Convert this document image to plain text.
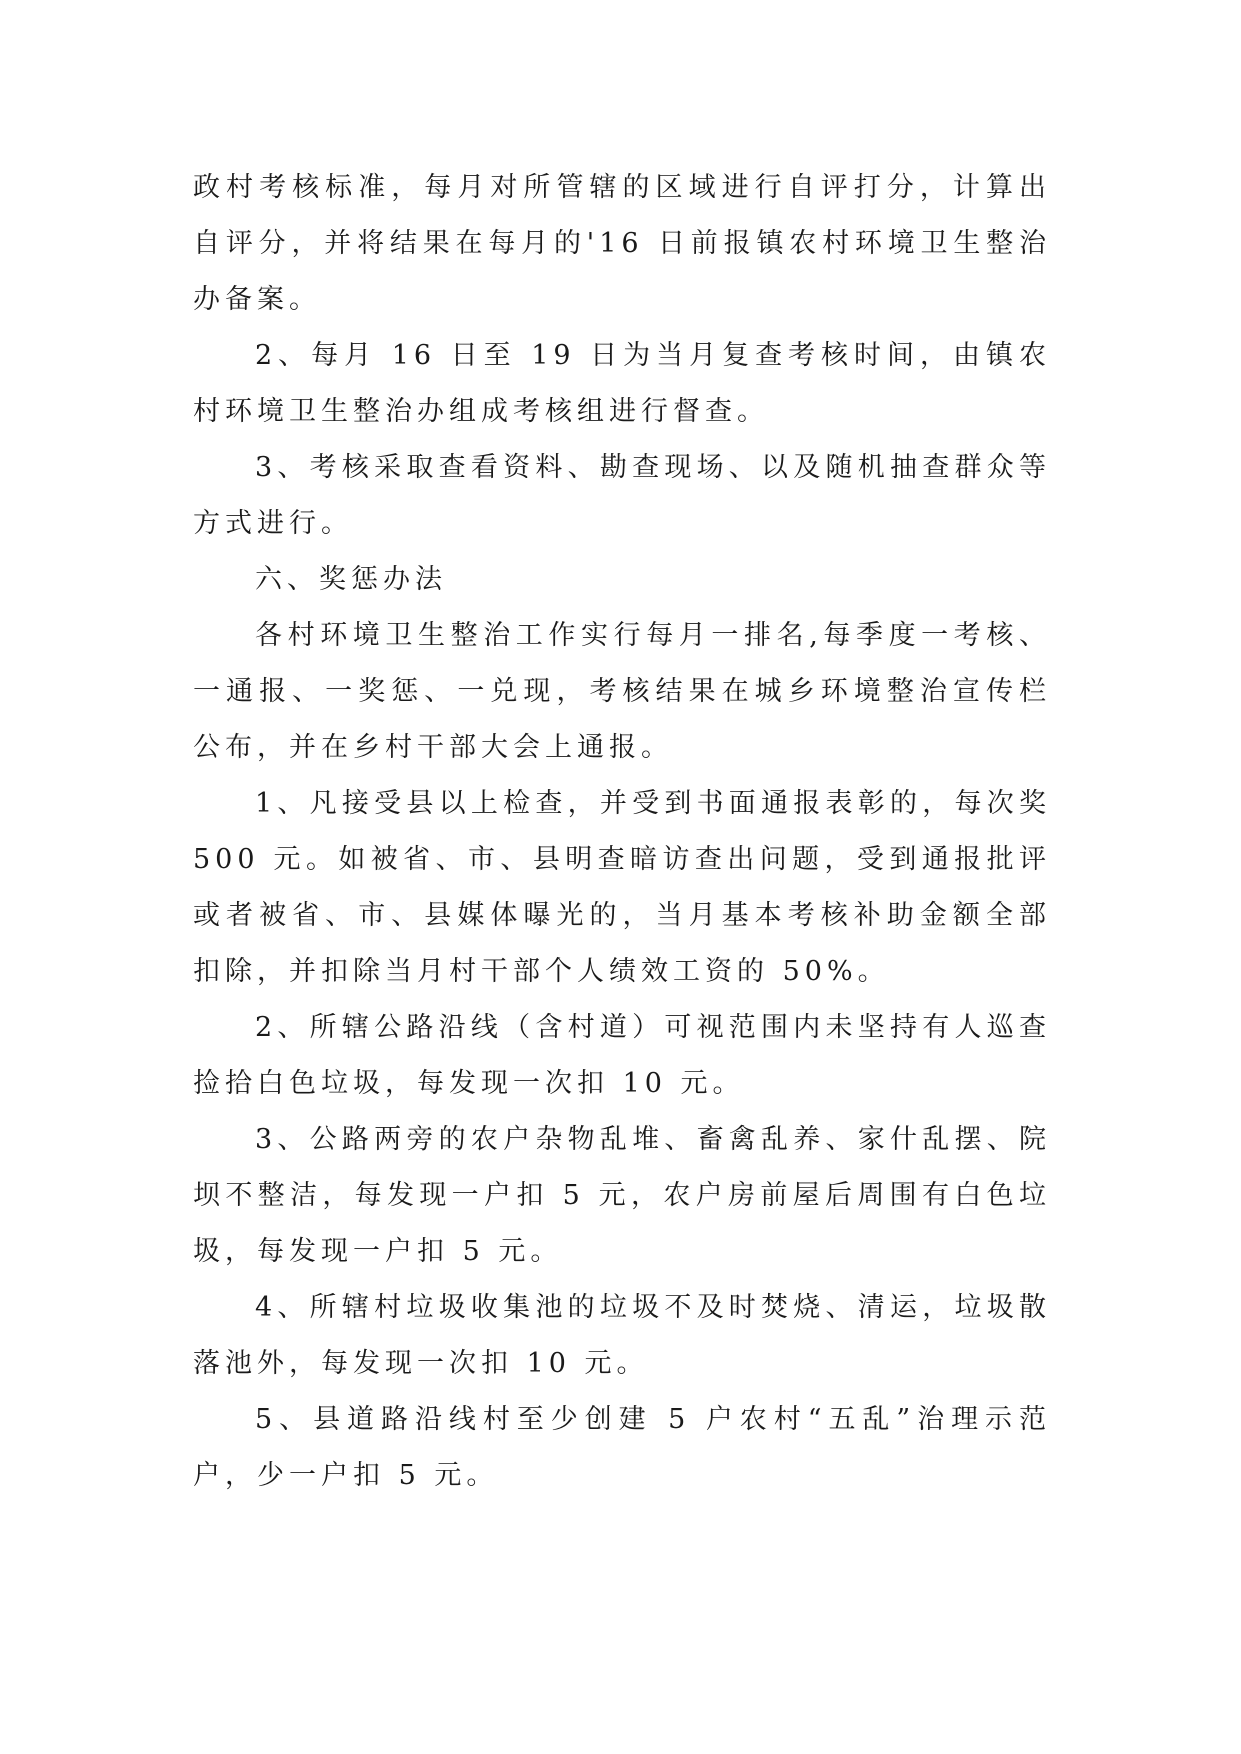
政村考核标准，每月对所管辖的区域进行自评打分，计算出自评分，并将结果在每月的'16 日前报镇农村环境卫生整治办备案。

2、每月 16 日至 19 日为当月复查考核时间，由镇农村环境卫生整治办组成考核组进行督查。

3、考核采取查看资料、勘查现场、以及随机抽查群众等方式进行。

六、奖惩办法

各村环境卫生整治工作实行每月一排名,每季度一考核、一通报、一奖惩、一兑现，考核结果在城乡环境整治宣传栏公布，并在乡村干部大会上通报。

1、凡接受县以上检查，并受到书面通报表彰的，每次奖 500 元。如被省、市、县明查暗访查出问题，受到通报批评或者被省、市、县媒体曝光的，当月基本考核补助金额全部扣除，并扣除当月村干部个人绩效工资的 50%。

2、所辖公路沿线（含村道）可视范围内未坚持有人巡查捡拾白色垃圾，每发现一次扣 10 元。

3、公路两旁的农户杂物乱堆、畜禽乱养、家什乱摆、院坝不整洁，每发现一户扣 5 元，农户房前屋后周围有白色垃圾，每发现一户扣 5 元。

4、所辖村垃圾收集池的垃圾不及时焚烧、清运，垃圾散落池外，每发现一次扣 10 元。

5、县道路沿线村至少创建 5 户农村“五乱”治理示范户，少一户扣 5 元。
